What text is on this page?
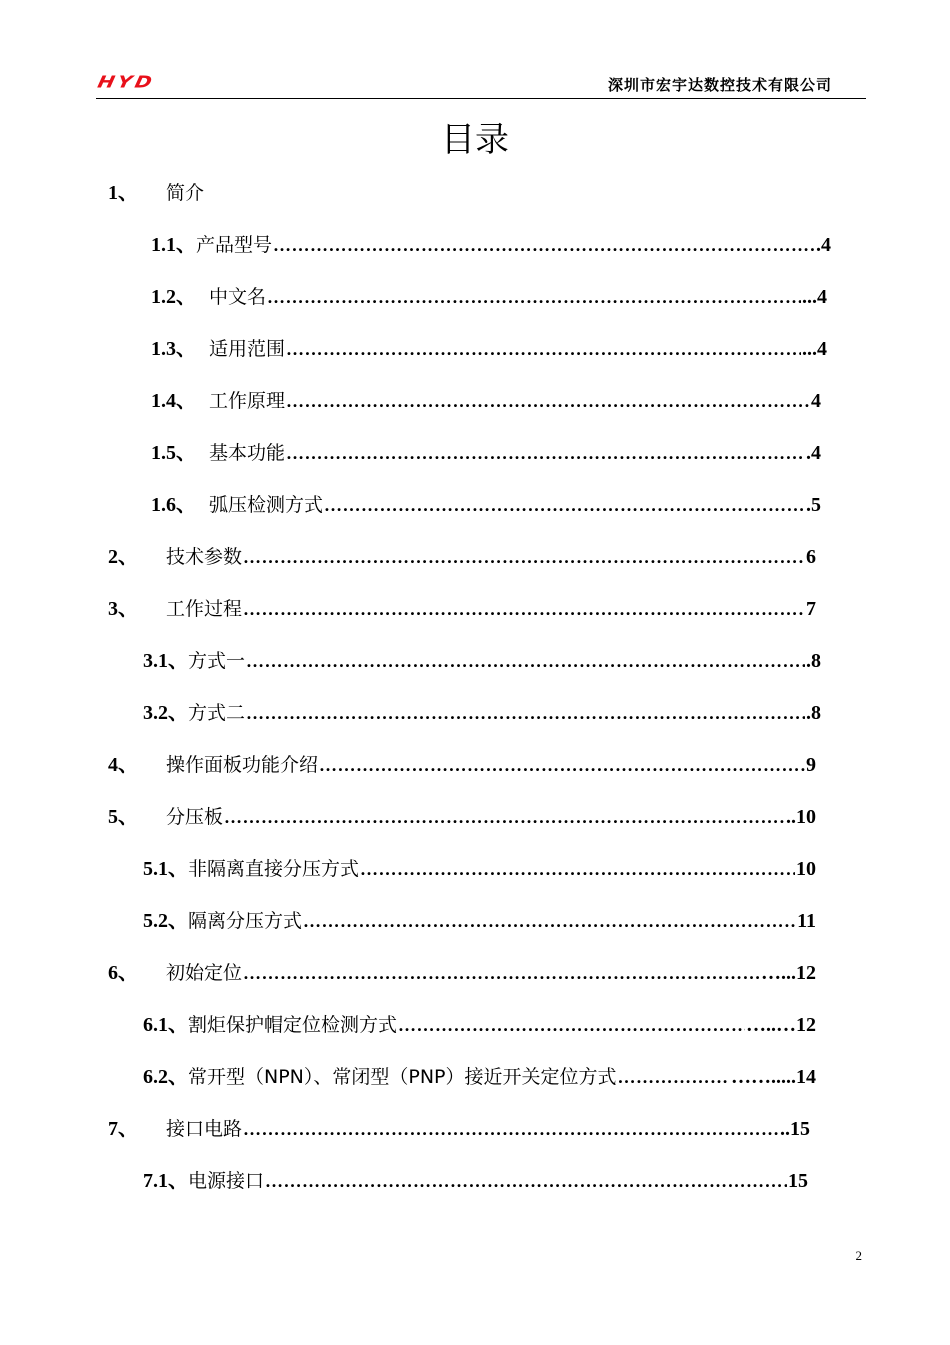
HYD	深圳市宏宇达数控技术有限公司
目录
1、	简介
1.1、 产品型号 ……………………………………………………………………………………………………………………………………	.4
1.2、 中文名 ……………………………………………………………………………………………………………………………………	...4
1.3、 适用范围 ……………………………………………………………………………………………………………………………………	...4
1.4、 工作原理 ……………………………………………………………………………………………………………………………………	4
1.5、 基本功能 ……………………………………………………………………………………………………………………………………	.4
1.6、 弧压检测方式 ……………………………………………………………………………………………………………………………………	.5
2、	技术参数 ……………………………………………………………………………………………………………………………………	6
3、	工作过程 ……………………………………………………………………………………………………………………………………	7
3.1、 方式一 ……………………………………………………………………………………………………………………………………	.8
3.2、 方式二 ……………………………………………………………………………………………………………………………………	.8
4、	操作面板功能介绍 ……………………………………………………………………………………………………………………………………	9
5、	分压板 ……………………………………………………………………………………………………………………………………	..10
5.1、 非隔离直接分压方式 ……………………………………………………………………………………………………………………………………	10
5.2、 隔离分压方式 ……………………………………………………………………………………………………………………………………	11
6、	初始定位 ……………………………………………………………………………………………………………………………………	…...12
6.1、 割炬保护帽定位检测方式 ……………………………………………………………………………………………………………………………………	…..…12
6.2、 常开型（NPN）、常闭型（PNP）接近开关定位方式 ……………………………………………………………………………………………………………………………………	…….....14
7、	接口电路 ……………………………………………………………………………………………………………………………………	..15
7.1、 电源接口 ……………………………………………………………………………………………………………………………………	15
2
